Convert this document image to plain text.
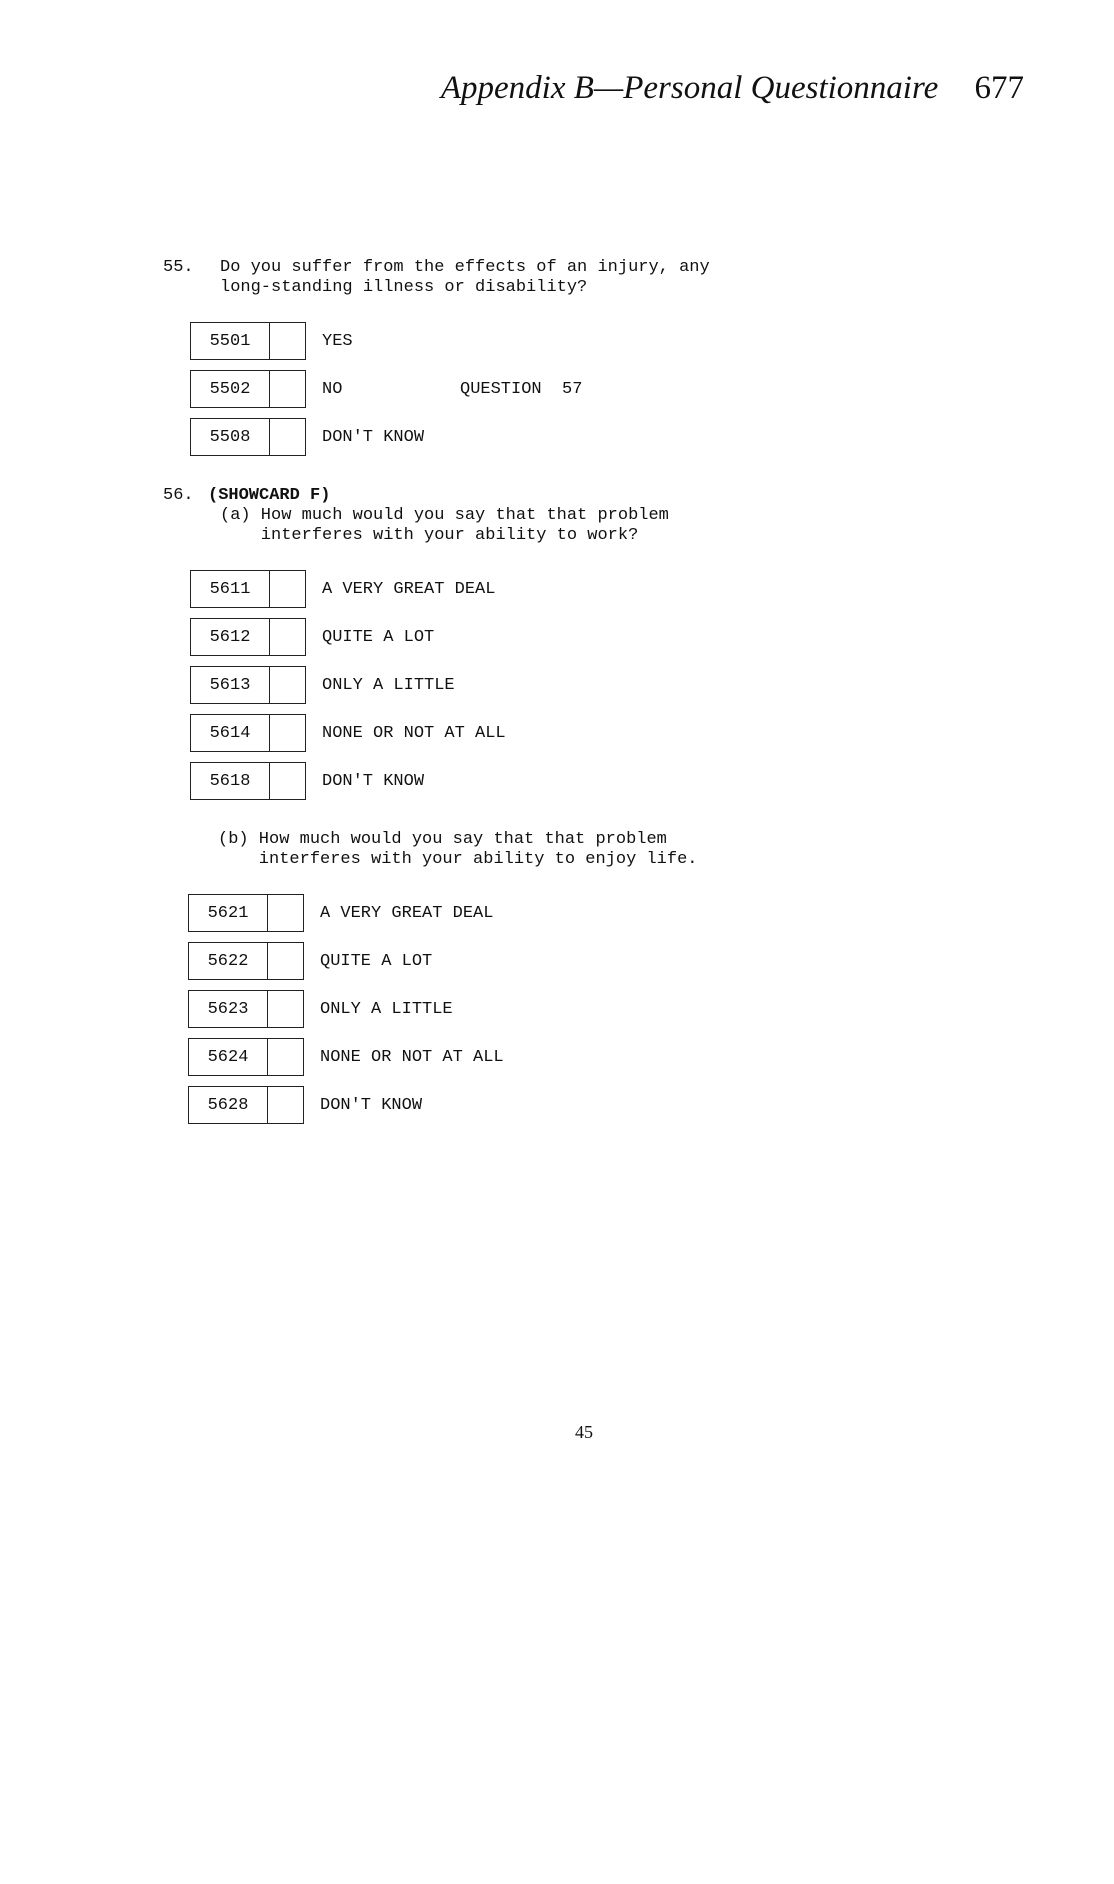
Appendix B—Personal Questionnaire 677
55. Do you suffer from the effects of an injury, any
long-standing illness or disability?
5501	YES
5502	NO	QUESTION  57
5508	DON'T KNOW
56. (SHOWCARD F)
(a) How much would you say that that problem
interferes with your ability to work?
5611	A VERY GREAT DEAL
5612	QUITE A LOT
5613	ONLY A LITTLE
5614	NONE OR NOT AT ALL
5618	DON'T KNOW
(b) How much would you say that that problem
interferes with your ability to enjoy life.
5621	A VERY GREAT DEAL
5622	QUITE A LOT
5623	ONLY A LITTLE
5624	NONE OR NOT AT ALL
5628	DON'T KNOW
45
